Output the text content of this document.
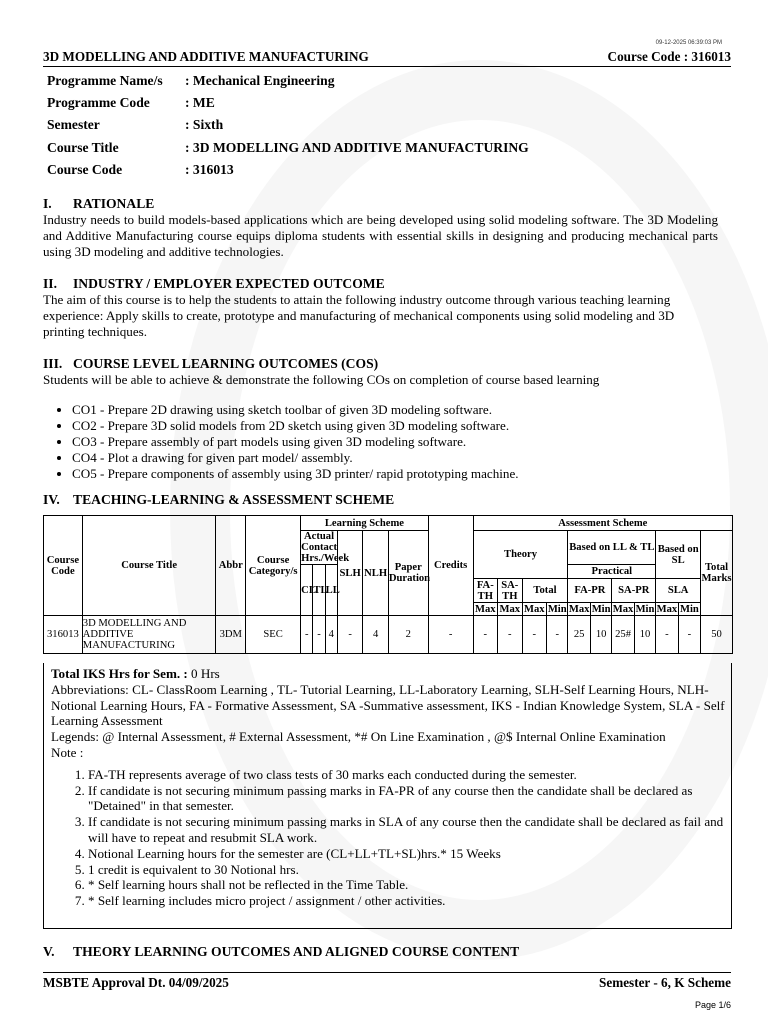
09-12-2025 06:39:03 PM
3D MODELLING AND ADDITIVE MANUFACTURING	Course Code : 316013
Programme Name/s	: Mechanical Engineering
Programme Code	: ME
Semester	: Sixth
Course Title	: 3D MODELLING AND ADDITIVE MANUFACTURING
Course Code	: 316013

I. RATIONALE

Industry needs to build models-based applications which are being developed using solid modeling software. The 3D Modeling and Additive Manufacturing course equips diploma students with essential skills in designing and producing mechanical parts using 3D modeling and additive technologies.

II. INDUSTRY / EMPLOYER EXPECTED OUTCOME

The aim of this course is to help the students to attain the following industry outcome through various teaching learning experience: Apply skills to create, prototype and manufacturing of mechanical components using solid modeling and 3D printing techniques.

III. COURSE LEVEL LEARNING OUTCOMES (COS)

Students will be able to achieve & demonstrate the following COs on completion of course based learning

• CO1 - Prepare 2D drawing using sketch toolbar of given 3D modeling software.
• CO2 - Prepare 3D solid models from 2D sketch using given 3D modeling software.
• CO3 - Prepare assembly of part models using given 3D modeling software.
• CO4 - Plot a drawing for given part model/ assembly.
• CO5 - Prepare components of assembly using 3D printer/ rapid prototyping machine.

IV. TEACHING-LEARNING & ASSESSMENT SCHEME

Course Code	Course Title	Abbr	Course Category/s	Learning Scheme						Credits	Assessment Scheme										
				Actual Contact Hrs./Week			SLH	NLH	Paper Duration		Theory				Based on LL & TL				Based on SL		Total Marks
				CL	TL	LL									Practical						
											FA-TH	SA-TH	Total		FA-PR		SA-PR		SLA		
											Max	Max	Max	Min	Max	Min	Max	Min	Max	Min	
316013	3D MODELLING AND ADDITIVE MANUFACTURING	3DM	SEC	-	-	4	-	4	2	-	-	-	-	-	25	10	25#	10	-	-	50

Total IKS Hrs for Sem. : 0 Hrs

Abbreviations: CL- ClassRoom Learning , TL- Tutorial Learning, LL-Laboratory Learning, SLH-Self Learning Hours, NLH-Notional Learning Hours, FA - Formative Assessment, SA -Summative assessment, IKS - Indian Knowledge System, SLA - Self Learning Assessment

Legends: @ Internal Assessment, # External Assessment, *# On Line Examination , @$ Internal Online Examination

Note :

1. FA-TH represents average of two class tests of 30 marks each conducted during the semester.
2. If candidate is not securing minimum passing marks in FA-PR of any course then the candidate shall be declared as "Detained" in that semester.
3. If candidate is not securing minimum passing marks in SLA of any course then the candidate shall be declared as fail and will have to repeat and resubmit SLA work.
4. Notional Learning hours for the semester are (CL+LL+TL+SL)hrs.* 15 Weeks
5. 1 credit is equivalent to 30 Notional hrs.
6. * Self learning hours shall not be reflected in the Time Table.
7. * Self learning includes micro project / assignment / other activities.

V. THEORY LEARNING OUTCOMES AND ALIGNED COURSE CONTENT

MSBTE Approval Dt. 04/09/2025	Semester - 6, K Scheme
Page 1/6
